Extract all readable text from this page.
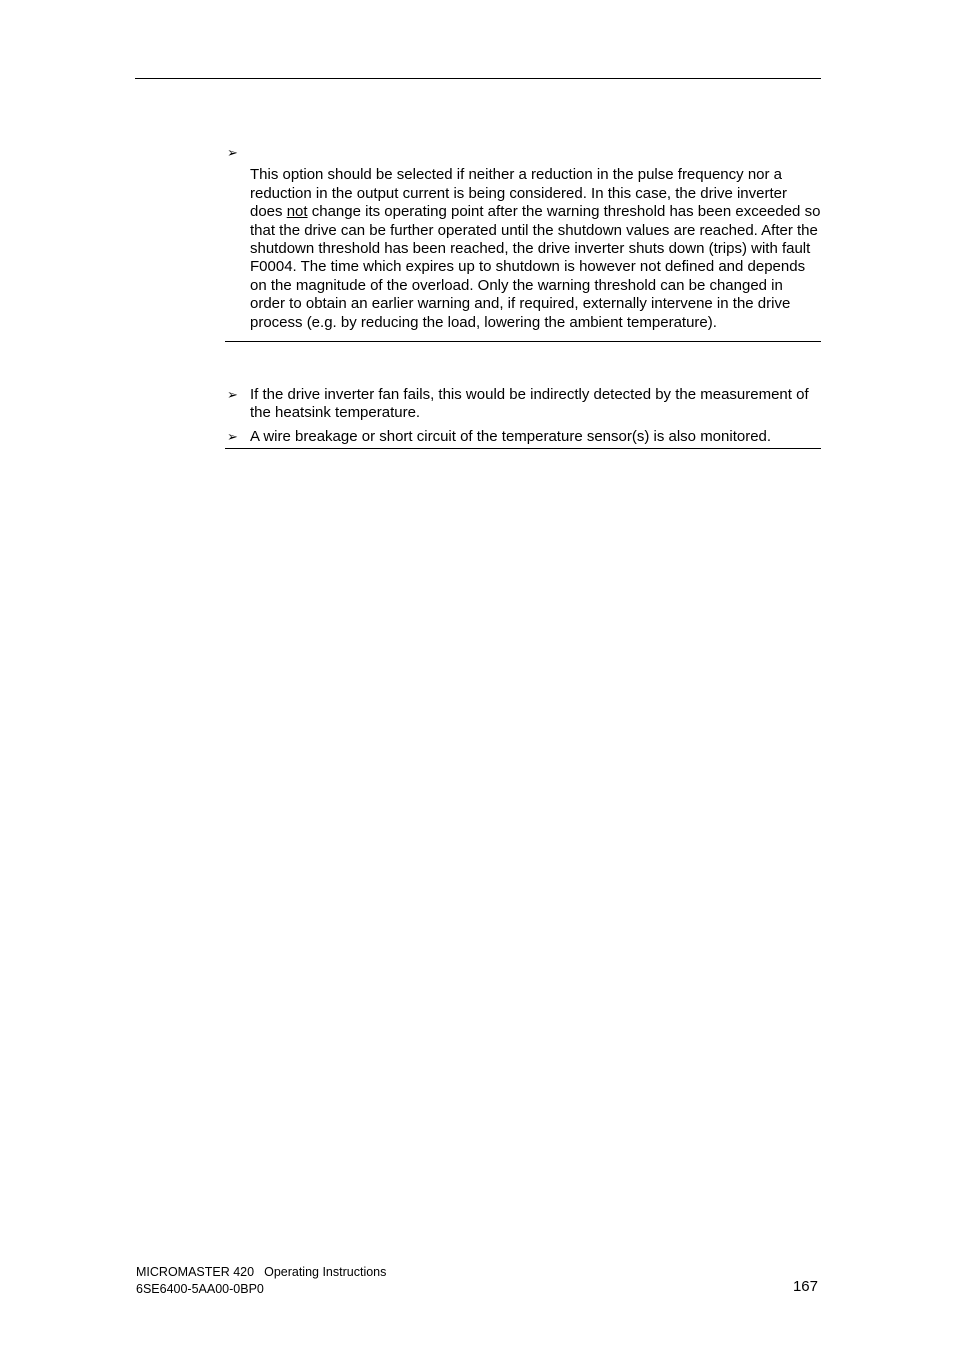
➢

This option should be selected if neither a reduction in the pulse frequency nor a reduction in the output current is being considered. In this case, the drive inverter does not change its operating point after the warning threshold has been exceeded so that the drive can be further operated until the shutdown values are reached. After the shutdown threshold has been reached, the drive inverter shuts down (trips) with fault F0004. The time which expires up to shutdown is however not defined and depends on the magnitude of the overload. Only the warning threshold can be changed in order to obtain an earlier warning and, if required, externally intervene in the drive process (e.g. by reducing the load, lowering the ambient temperature).
➢ If the drive inverter fan fails, this would be indirectly detected by the measurement of the heatsink temperature.
➢ A wire breakage or short circuit of the temperature sensor(s) is also monitored.
MICROMASTER 420 Operating Instructions
6SE6400-5AA00-0BP0	167
